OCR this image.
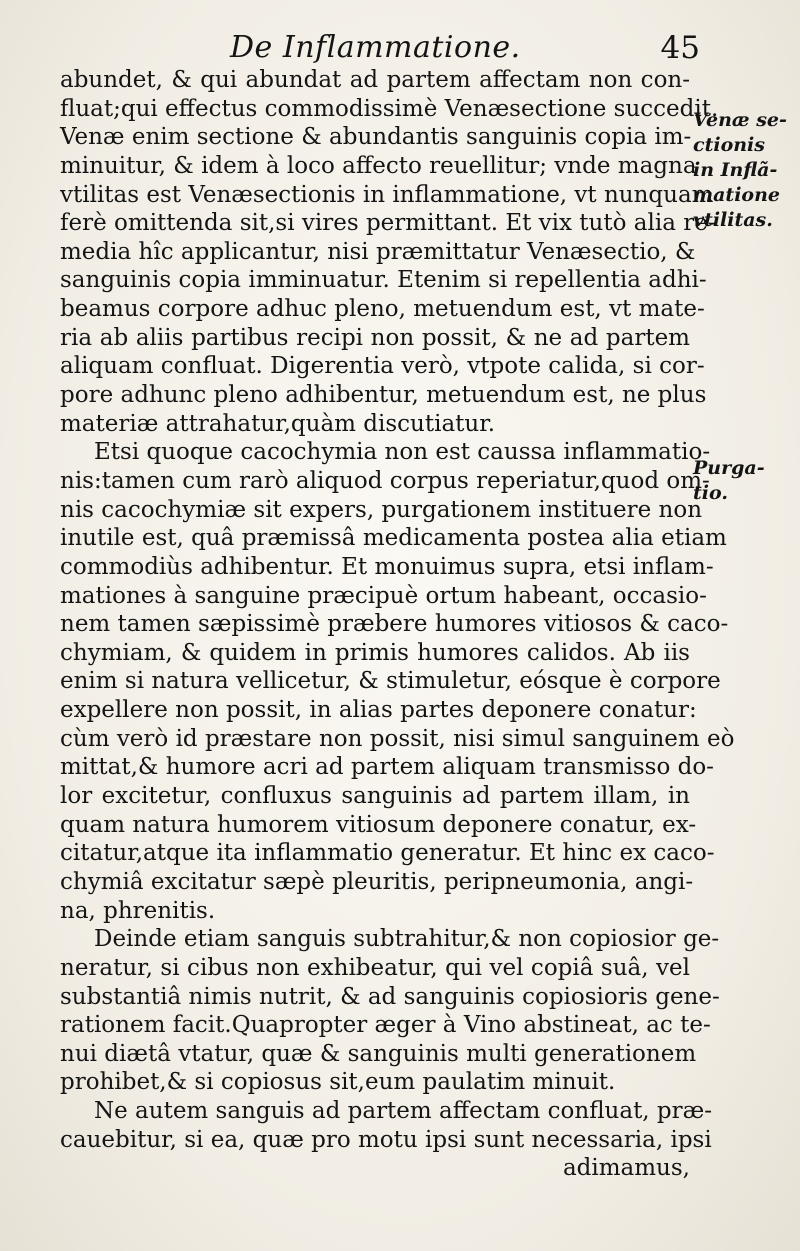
De Inflammatione.	45
abundet, & qui abundat ad partem affectam non con-
fluat;qui effectus commodissimè Venæsectione succedit.
Venæ enim sectione & abundantis sanguinis copia im-
minuitur, & idem à loco affecto reuellitur; vnde magna
vtilitas est Venæsectionis in inflammatione, vt nunquam
ferè omittenda sit,si vires permittant. Et vix tutò alia re-
media hîc applicantur, nisi præmittatur Venæsectio, &
sanguinis copia imminuatur. Etenim si repellentia adhi-
beamus corpore adhuc pleno, metuendum est, vt mate-
ria ab aliis partibus recipi non possit, & ne ad partem
aliquam confluat. Digerentia verò, vtpote calida, si cor-
pore adhunc pleno adhibentur, metuendum est, ne plus
materiæ attrahatur,quàm discutiatur.
Etsi quoque cacochymia non est caussa inflammatio-
nis:tamen cum rarò aliquod corpus reperiatur,quod om-
nis cacochymiæ sit expers, purgationem instituere non
inutile est, quâ præmissâ medicamenta postea alia etiam
commodiùs adhibentur. Et monuimus supra, etsi inflam-
mationes à sanguine præcipuè ortum habeant, occasio-
nem tamen sæpissimè præbere humores vitiosos & caco-
chymiam, & quidem in primis humores calidos. Ab iis
enim si natura vellicetur, & stimuletur, eósque è corpore
expellere non possit, in alias partes deponere conatur:
cùm verò id præstare non possit, nisi simul sanguinem eò
mittat,& humore acri ad partem aliquam transmisso do-
lor excitetur, confluxus sanguinis ad partem illam, in
quam natura humorem vitiosum deponere conatur, ex-
citatur,atque ita inflammatio generatur. Et hinc ex caco-
chymiâ excitatur sæpè pleuritis, peripneumonia, angi-
na, phrenitis.
Deinde etiam sanguis subtrahitur,& non copiosior ge-
neratur, si cibus non exhibeatur, qui vel copiâ suâ, vel
substantiâ nimis nutrit, & ad sanguinis copiosioris gene-
rationem facit.Quapropter æger à Vino abstineat, ac te-
nui diætâ vtatur, quæ & sanguinis multi generationem
prohibet,& si copiosus sit,eum paulatim minuit.
Ne autem sanguis ad partem affectam confluat, præ-
cauebitur, si ea, quæ pro motu ipsi sunt necessaria, ipsi
adimamus,
Venæ se-
ctionis
in Inflã-
matione
vtilitas.
Purga-
tio.
